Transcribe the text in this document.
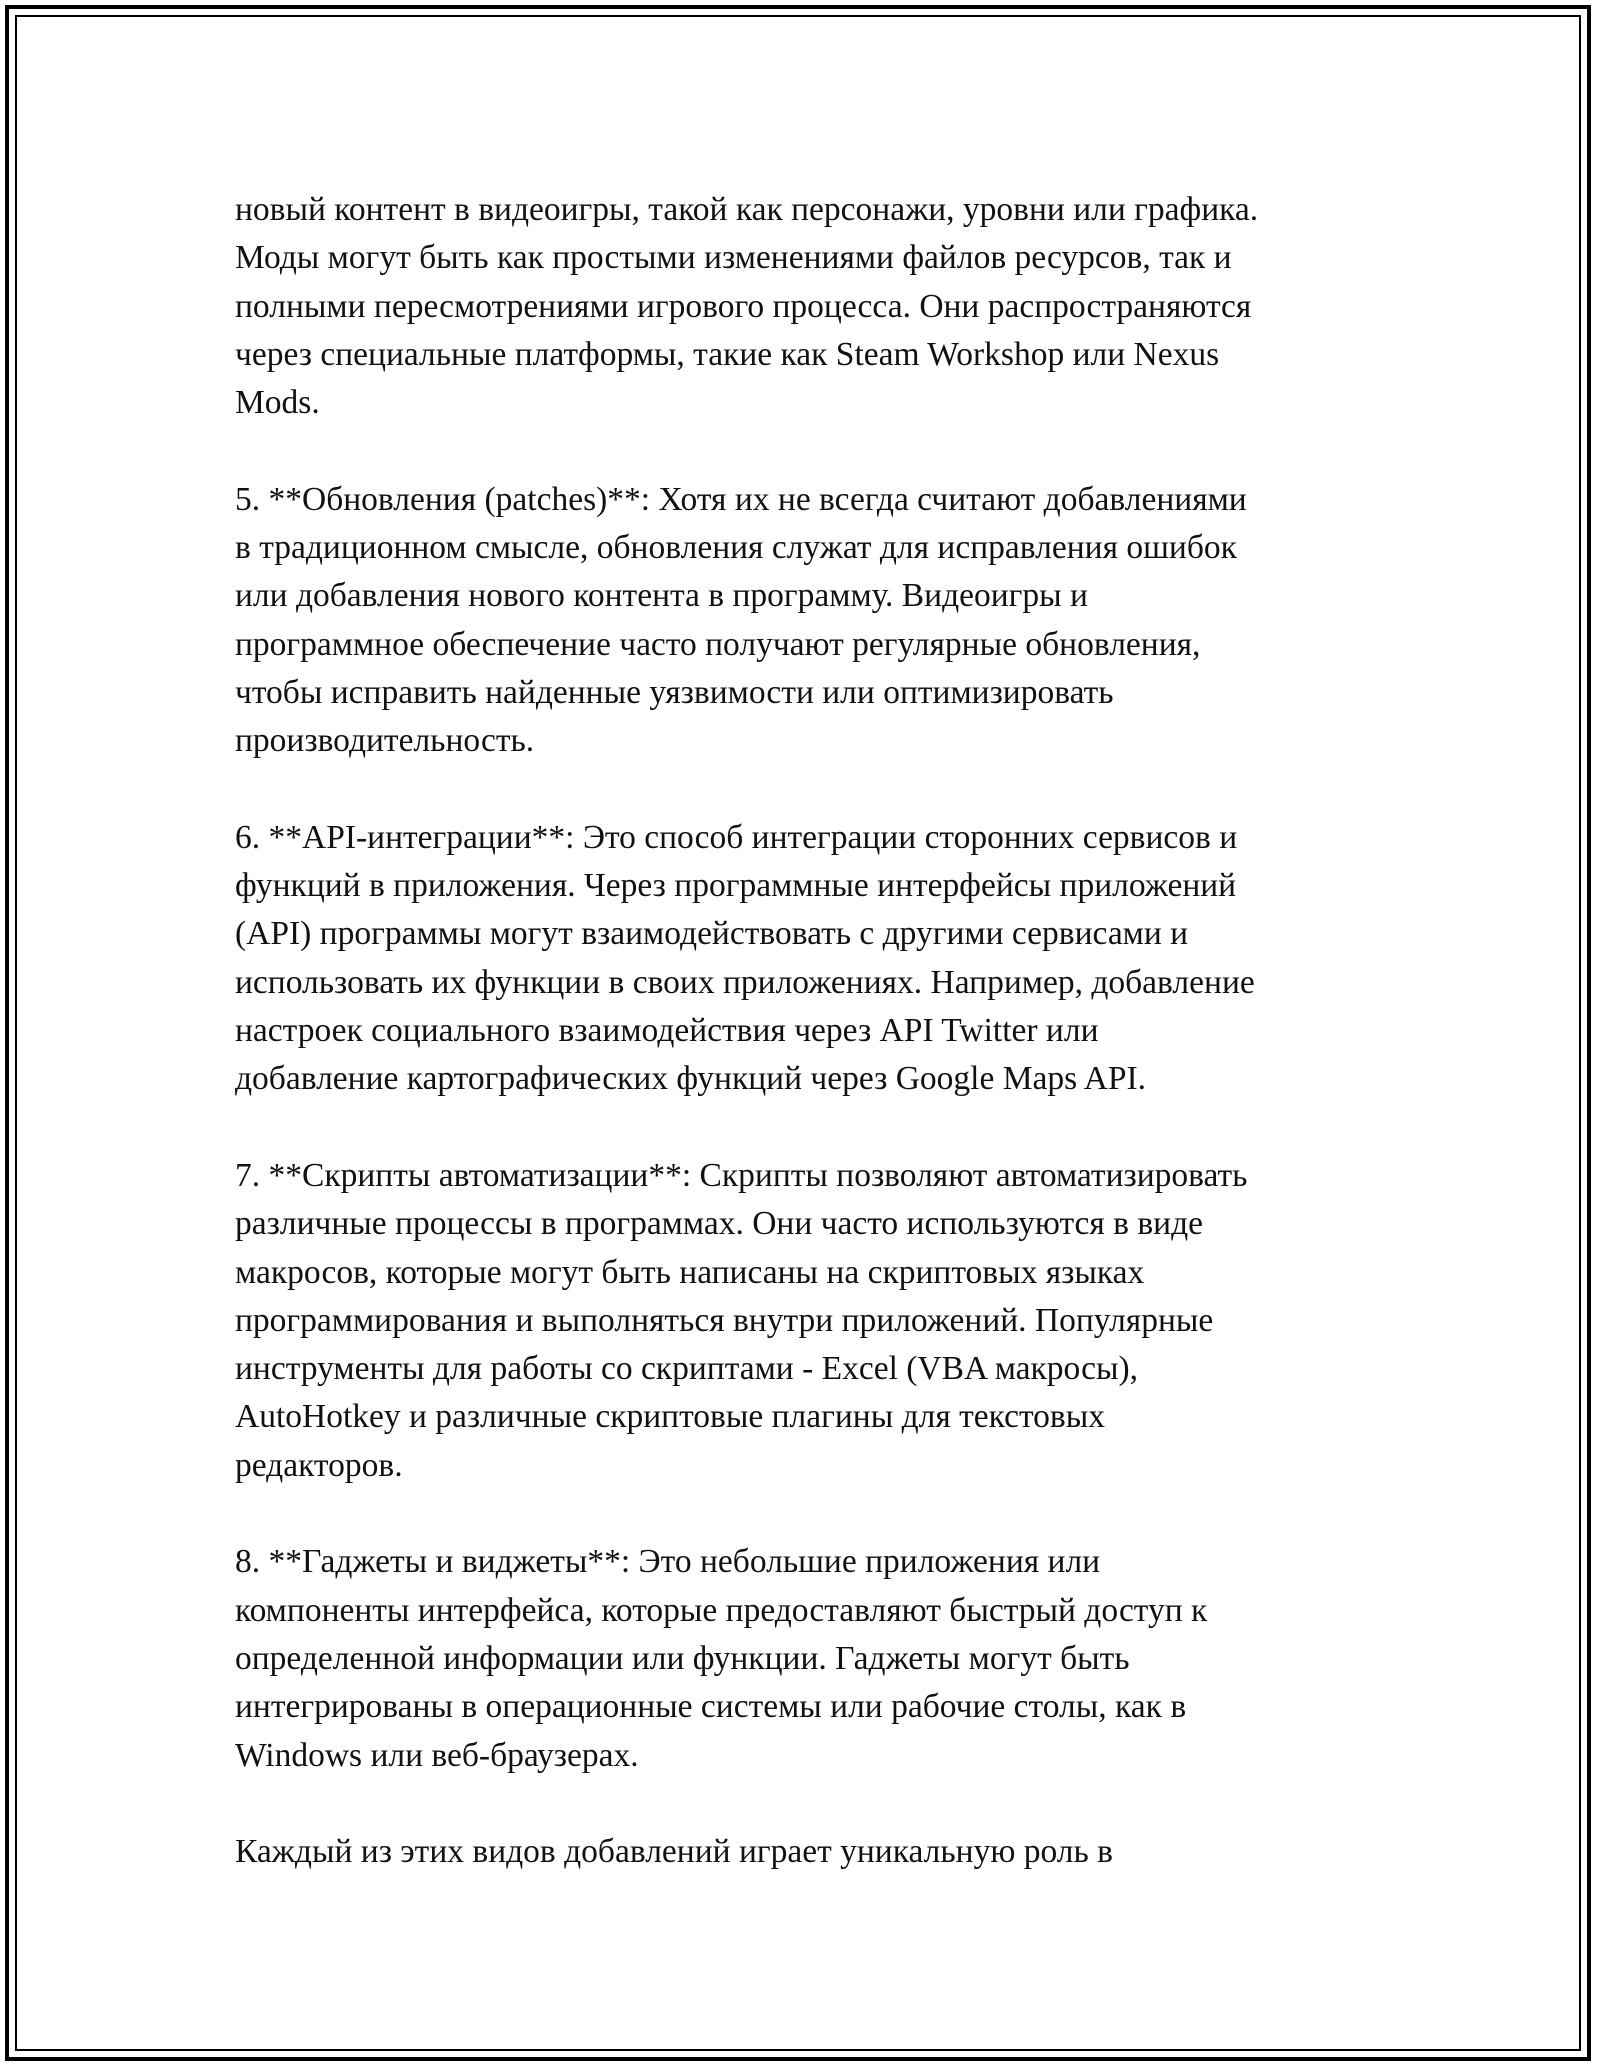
новый контент в видеоигры, такой как персонажи, уровни или графика.
Моды могут быть как простыми изменениями файлов ресурсов, так и
полными пересмотрениями игрового процесса. Они распространяются
через специальные платформы, такие как Steam Workshop или Nexus
Mods.
5. **Обновления (patches)**: Хотя их не всегда считают добавлениями
в традиционном смысле, обновления служат для исправления ошибок
или добавления нового контента в программу. Видеоигры и
программное обеспечение часто получают регулярные обновления,
чтобы исправить найденные уязвимости или оптимизировать
производительность.
6. **API-интеграции**: Это способ интеграции сторонних сервисов и
функций в приложения. Через программные интерфейсы приложений
(API) программы могут взаимодействовать с другими сервисами и
использовать их функции в своих приложениях. Например, добавление
настроек социального взаимодействия через API Twitter или
добавление картографических функций через Google Maps API.
7. **Скрипты автоматизации**: Скрипты позволяют автоматизировать
различные процессы в программах. Они часто используются в виде
макросов, которые могут быть написаны на скриптовых языках
программирования и выполняться внутри приложений. Популярные
инструменты для работы со скриптами - Excel (VBA макросы),
AutoHotkey и различные скриптовые плагины для текстовых
редакторов.
8. **Гаджеты и виджеты**: Это небольшие приложения или
компоненты интерфейса, которые предоставляют быстрый доступ к
определенной информации или функции. Гаджеты могут быть
интегрированы в операционные системы или рабочие столы, как в
Windows или веб-браузерах.
Каждый из этих видов добавлений играет уникальную роль в
